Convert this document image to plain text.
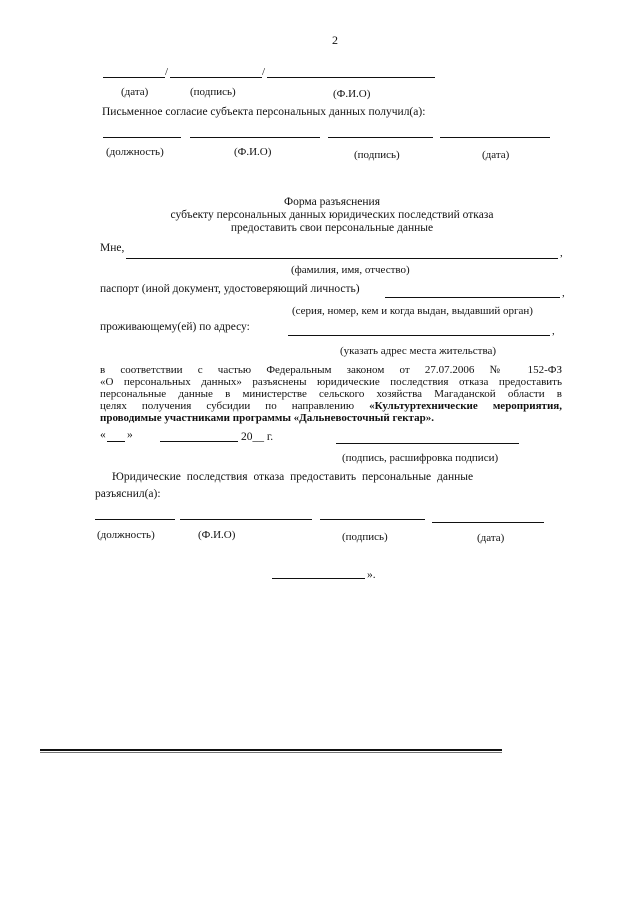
2
/	/
(дата)	(подпись)	(Ф.И.О)
Письменное согласие субъекта персональных данных получил(а):
(должность)	(Ф.И.О)	(подпись)	(дата)
Форма разъяснения
субъекту персональных данных юридических последствий отказа
предоставить свои персональные данные
Мне,	,
(фамилия, имя, отчество)
паспорт (иной документ, удостоверяющий личность)	,
(серия, номер, кем и когда выдан, выдавший орган)
проживающему(ей) по адресу:	,
(указать адрес места жительства)
в соответствии с частью Федеральным законом от 27.07.2006 № 152-ФЗ
«О персональных данных» разъяснены юридические последствия отказа предоставить
персональные данные в министерстве сельского хозяйства Магаданской области в
целях получения субсидии по направлению «Культуртехнические мероприятия,
проводимые участниками программы «Дальневосточный гектар».
« »	20__ г.
(подпись, расшифровка подписи)
Юридические последствия отказа предоставить персональные данные
разъяснил(а):
(должность)	(Ф.И.О)	(подпись)	(дата)
».
